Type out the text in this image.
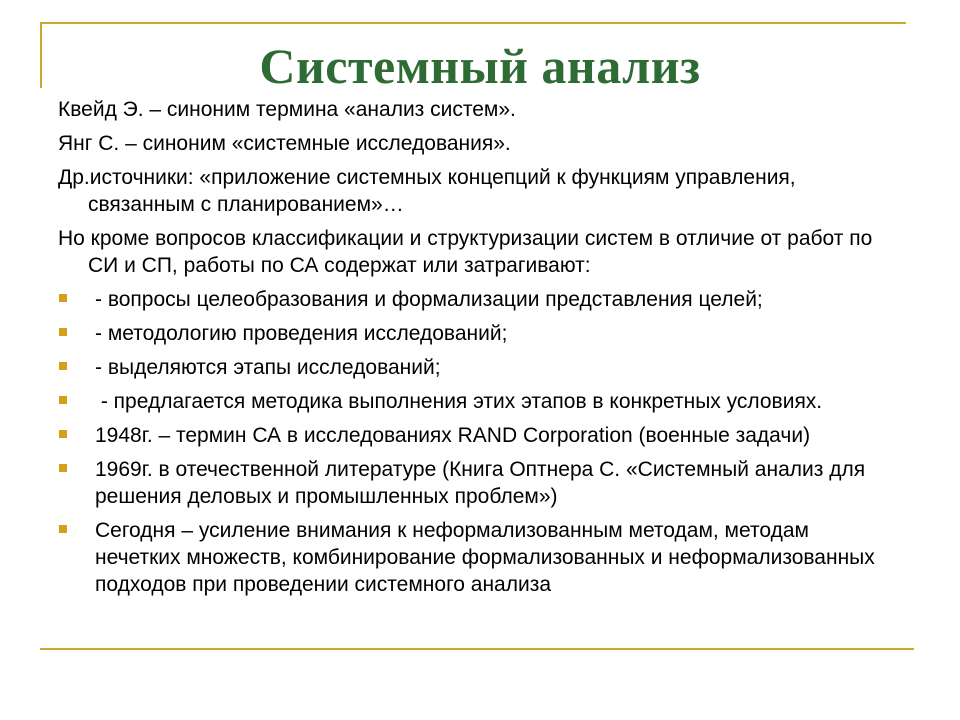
Системный анализ
Квейд Э. – синоним термина «анализ систем».
Янг С. – синоним «системные исследования».
Др.источники: «приложение системных концепций к функциям управления, связанным с планированием»…
Но кроме вопросов классификации и структуризации систем в отличие от работ по СИ и СП, работы по СА содержат или затрагивают:
- вопросы целеобразования и формализации представления целей;
- методологию проведения исследований;
- выделяются этапы исследований;
- предлагается методика выполнения этих этапов в конкретных условиях.
1948г. – термин СА в исследованиях RAND Corporation (военные задачи)
1969г. в отечественной литературе (Книга Оптнера С. «Системный анализ для решения деловых и промышленных проблем»)
Сегодня – усиление внимания к неформализованным методам, методам нечетких множеств, комбинирование формализованных и неформализованных подходов при проведении системного анализа
